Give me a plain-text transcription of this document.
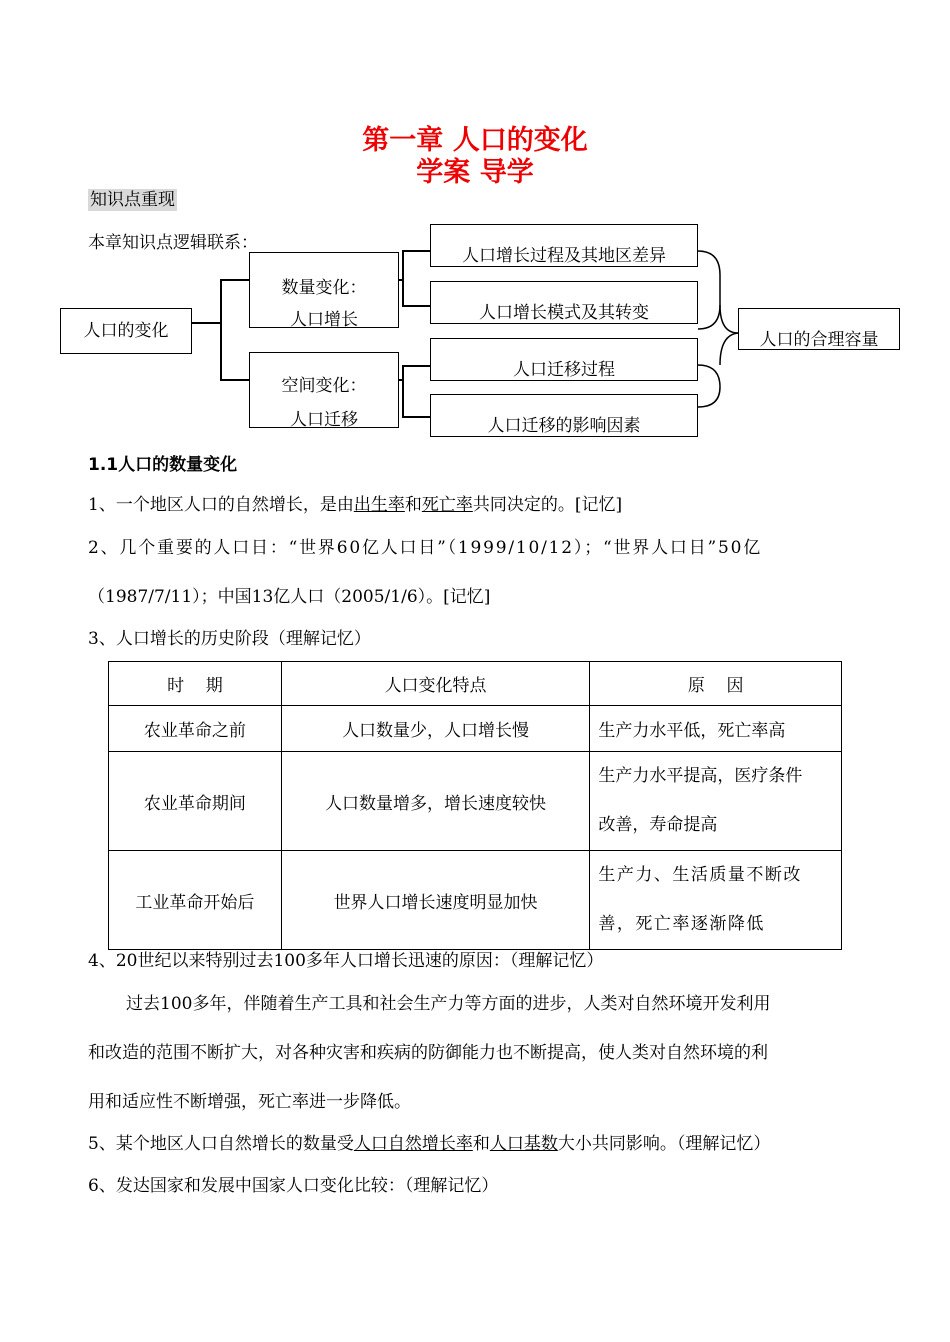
第一章 人口的变化
学案 导学
知识点重现
本章知识点逻辑联系：
人口的变化
数量变化：
人口增长
空间变化：
人口迁移
人口增长过程及其地区差异
人口增长模式及其转变
人口迁移过程
人口迁移的影响因素
人口的合理容量
1.1人口的数量变化
1、一个地区人口的自然增长，是由出生率和死亡率共同决定的。[记忆]
2、几个重要的人口日：“世界60亿人口日”（1999/10/12）；“世界人口日”50亿
（1987/7/11）；中国13亿人口（2005/1/6）。[记忆]
3、人口增长的历史阶段（理解记忆）
时    期	人口变化特点	原    因
农业革命之前	人口数量少，人口增长慢	生产力水平低，死亡率高
农业革命期间	人口数量增多，增长速度较快	生产力水平提高，医疗条件
改善，寿命提高

工业革命开始后	世界人口增长速度明显加快	生产力、生活质量不断改
善，死亡率逐渐降低
4、20世纪以来特别过去100多年人口增长迅速的原因：（理解记忆）
过去100多年，伴随着生产工具和社会生产力等方面的进步，人类对自然环境开发利用
和改造的范围不断扩大，对各种灾害和疾病的防御能力也不断提高，使人类对自然环境的利
用和适应性不断增强，死亡率进一步降低。
5、某个地区人口自然增长的数量受人口自然增长率和人口基数大小共同影响。（理解记忆）
6、发达国家和发展中国家人口变化比较：（理解记忆）
